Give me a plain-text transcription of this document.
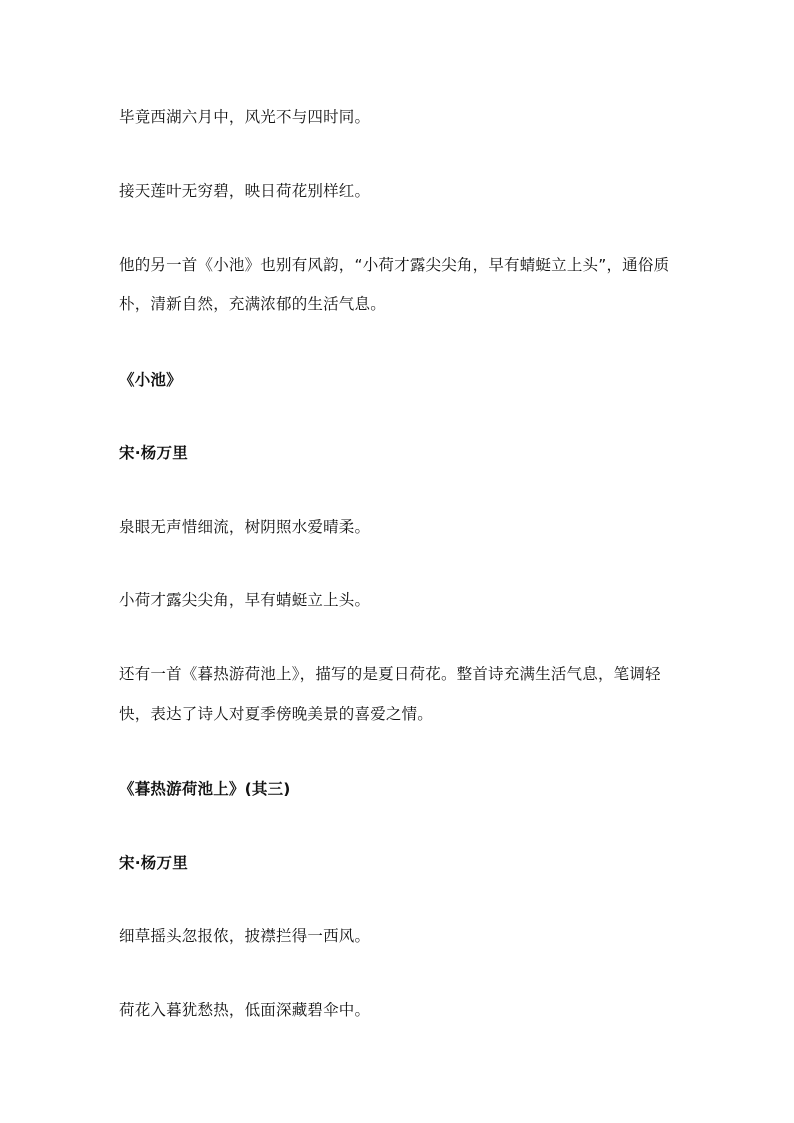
毕竟西湖六月中，风光不与四时同。
接天莲叶无穷碧，映日荷花别样红。
他的另一首《小池》也别有风韵，“小荷才露尖尖角，早有蜻蜓立上头”，通俗质
朴，清新自然，充满浓郁的生活气息。
《小池》
宋·杨万里
泉眼无声惜细流，树阴照水爱晴柔。
小荷才露尖尖角，早有蜻蜓立上头。
还有一首《暮热游荷池上》，描写的是夏日荷花。整首诗充满生活气息，笔调轻
快，表达了诗人对夏季傍晚美景的喜爱之情。
《暮热游荷池上》(其三)
宋·杨万里
细草摇头忽报侬，披襟拦得一西风。
荷花入暮犹愁热，低面深藏碧伞中。
